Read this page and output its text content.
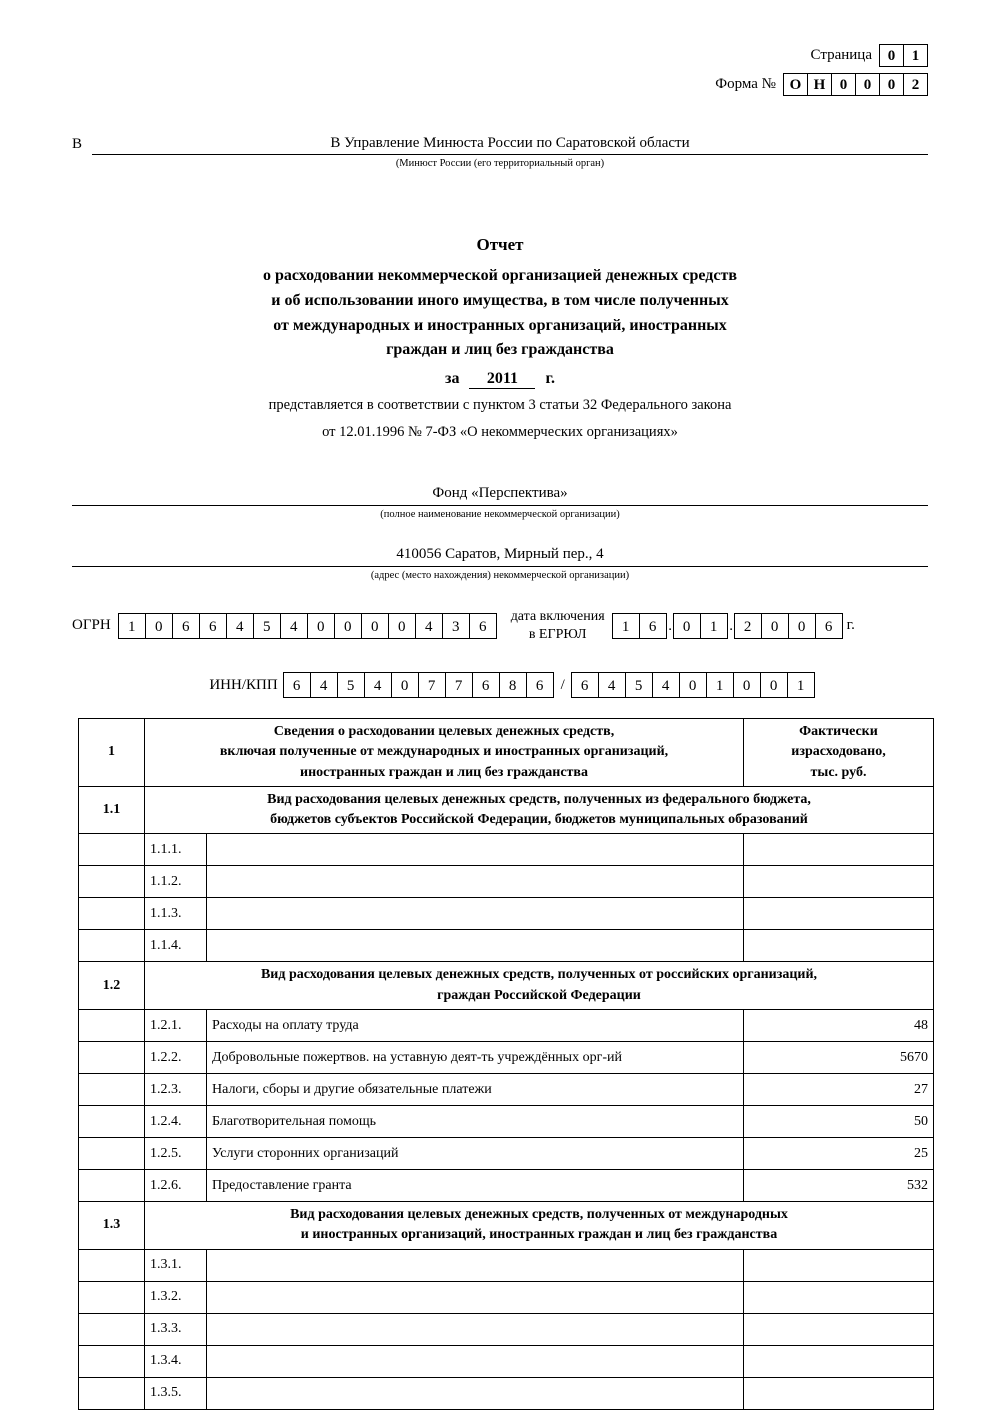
Страница	0	1
Форма № О Н 0	0	0	2
В	В Управление Минюста России по Саратовской области
(Минюст России (его территориальный орган)
Отчет
о расходовании некоммерческой организацией денежных средств
и об использовании иного имущества, в том числе полученных
от международных и иностранных организаций, иностранных
граждан и лиц без гражданства
за 2011 г.
представляется в соответствии с пунктом 3 статьи 32 Федерального закона
от 12.01.1996 № 7-ФЗ «О некоммерческих организациях»
Фонд «Перспектива»
(полное наименование некоммерческой организации)
410056 Саратов, Мирный пер., 4
(адрес (место нахождения) некоммерческой организации)
ОГРН	1	0	6	6	4	5	4	0	0	0	0	4	3	6
дата включения
в ЕГРЮЛ	1	6 . 0	1 . 2	0	0	6 г.
ИНН/КПП	6	4	5	4	0	7	7	6	8	6	/	6	4	5	4	0	1	0	0	1
1	Сведения о расходовании целевых денежных средств,
включая полученные от международных и иностранных организаций,
иностранных граждан и лиц без гражданства		Фактически
израсходовано,
тыс. руб.
1.1	Вид расходования целевых денежных средств, полученных из федерального бюджета,
бюджетов субъектов Российской Федерации, бюджетов муниципальных образований		
	1.1.1.		
	1.1.2.		
	1.1.3.		
	1.1.4.		
1.2	Вид расходования целевых денежных средств, полученных от российских организаций,
граждан Российской Федерации		
	1.2.1.	Расходы на оплату труда	48
	1.2.2.	Добровольные пожертвов. на уставную деят-ть учреждённых орг-ий	5670
	1.2.3.	Налоги, сборы и другие обязательные платежи	27
	1.2.4.	Благотворительная помощь	50
	1.2.5.	Услуги сторонних организаций	25
	1.2.6.	Предоставление гранта	532
1.3	Вид расходования целевых денежных средств, полученных от международных
и иностранных организаций, иностранных граждан и лиц без гражданства		
	1.3.1.		
	1.3.2.		
	1.3.3.		
	1.3.4.		
	1.3.5.		
